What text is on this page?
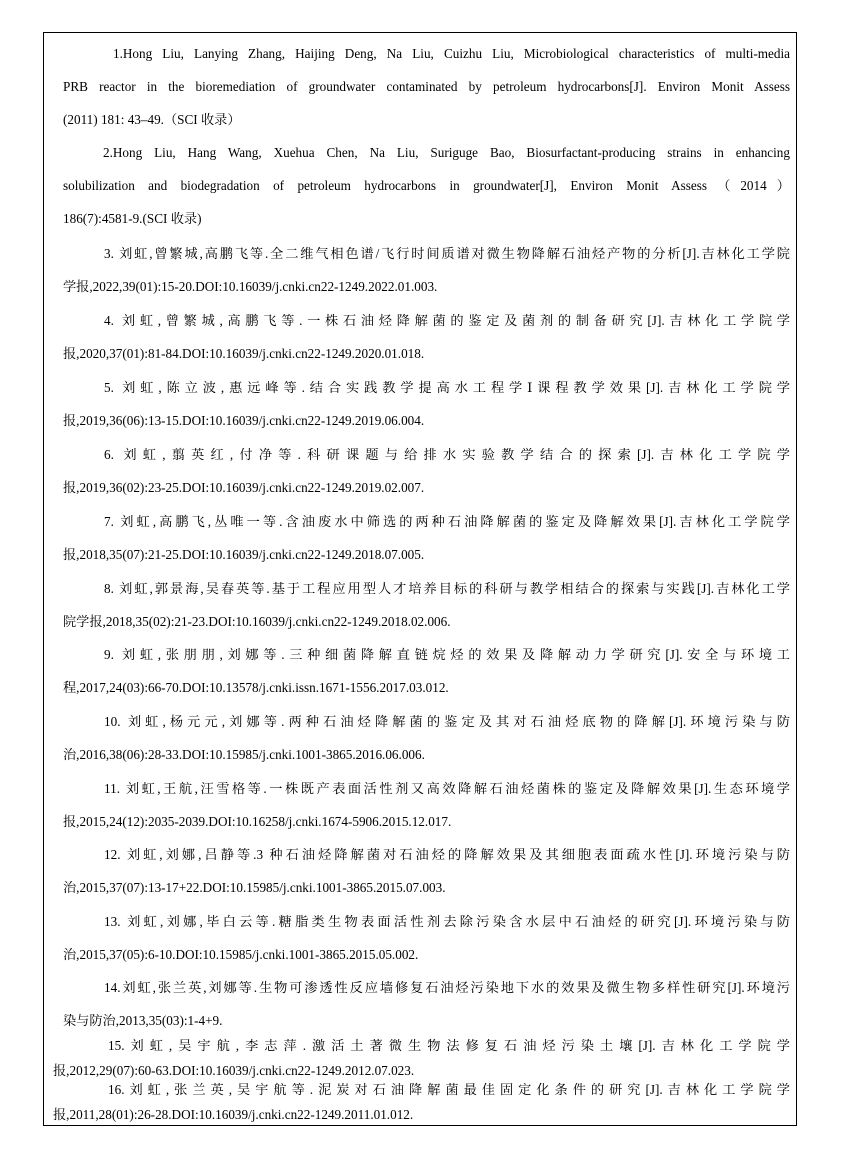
1.Hong Liu, Lanying Zhang, Haijing Deng, Na Liu, Cuizhu Liu, Microbiological characteristics of multi-media
PRB reactor in the bioremediation of groundwater contaminated by petroleum hydrocarbons[J]. Environ Monit Assess
(2011) 181: 43–49.（SCI 收录）
2.Hong Liu, Hang Wang, Xuehua Chen, Na Liu, Suriguge Bao, Biosurfactant-producing strains in enhancing
solubilization and biodegradation of petroleum hydrocarbons in groundwater[J], Environ Monit Assess（2014）
186(7):4581-9.(SCI 收录)
3. 刘虹,曾繁城,高鹏飞等.全二维气相色谱/飞行时间质谱对微生物降解石油烃产物的分析[J].吉林化工学院
学报,2022,39(01):15-20.DOI:10.16039/j.cnki.cn22-1249.2022.01.003.
4. 刘虹,曾繁城,高鹏飞等.一株石油烃降解菌的鉴定及菌剂的制备研究[J].吉林化工学院学
报,2020,37(01):81-84.DOI:10.16039/j.cnki.cn22-1249.2020.01.018.
5. 刘虹,陈立波,惠远峰等.结合实践教学提高水工程学Ⅰ课程教学效果[J].吉林化工学院学
报,2019,36(06):13-15.DOI:10.16039/j.cnki.cn22-1249.2019.06.004.
6. 刘虹,翦英红,付净等.科研课题与给排水实验教学结合的探索[J].吉林化工学院学
报,2019,36(02):23-25.DOI:10.16039/j.cnki.cn22-1249.2019.02.007.
7. 刘虹,高鹏飞,丛唯一等.含油废水中筛选的两种石油降解菌的鉴定及降解效果[J].吉林化工学院学
报,2018,35(07):21-25.DOI:10.16039/j.cnki.cn22-1249.2018.07.005.
8. 刘虹,郭景海,吴春英等.基于工程应用型人才培养目标的科研与教学相结合的探索与实践[J].吉林化工学
院学报,2018,35(02):21-23.DOI:10.16039/j.cnki.cn22-1249.2018.02.006.
9. 刘虹,张朋朋,刘娜等.三种细菌降解直链烷烃的效果及降解动力学研究[J].安全与环境工
程,2017,24(03):66-70.DOI:10.13578/j.cnki.issn.1671-1556.2017.03.012.
10. 刘虹,杨元元,刘娜等.两种石油烃降解菌的鉴定及其对石油烃底物的降解[J].环境污染与防
治,2016,38(06):28-33.DOI:10.15985/j.cnki.1001-3865.2016.06.006.
11. 刘虹,王航,汪雪格等.一株既产表面活性剂又高效降解石油烃菌株的鉴定及降解效果[J].生态环境学
报,2015,24(12):2035-2039.DOI:10.16258/j.cnki.1674-5906.2015.12.017.
12. 刘虹,刘娜,吕静等.3 种石油烃降解菌对石油烃的降解效果及其细胞表面疏水性[J].环境污染与防
治,2015,37(07):13-17+22.DOI:10.15985/j.cnki.1001-3865.2015.07.003.
13. 刘虹,刘娜,毕白云等.糖脂类生物表面活性剂去除污染含水层中石油烃的研究[J].环境污染与防
治,2015,37(05):6-10.DOI:10.15985/j.cnki.1001-3865.2015.05.002.
14.刘虹,张兰英,刘娜等.生物可渗透性反应墙修复石油烃污染地下水的效果及微生物多样性研究[J].环境污
染与防治,2013,35(03):1-4+9.
15.刘虹,吴宇航,李志萍.激活土著微生物法修复石油烃污染土壤[J].吉林化工学院学
报,2012,29(07):60-63.DOI:10.16039/j.cnki.cn22-1249.2012.07.023.
16.刘虹,张兰英,吴宇航等.泥炭对石油降解菌最佳固定化条件的研究[J].吉林化工学院学
报,2011,28(01):26-28.DOI:10.16039/j.cnki.cn22-1249.2011.01.012.
